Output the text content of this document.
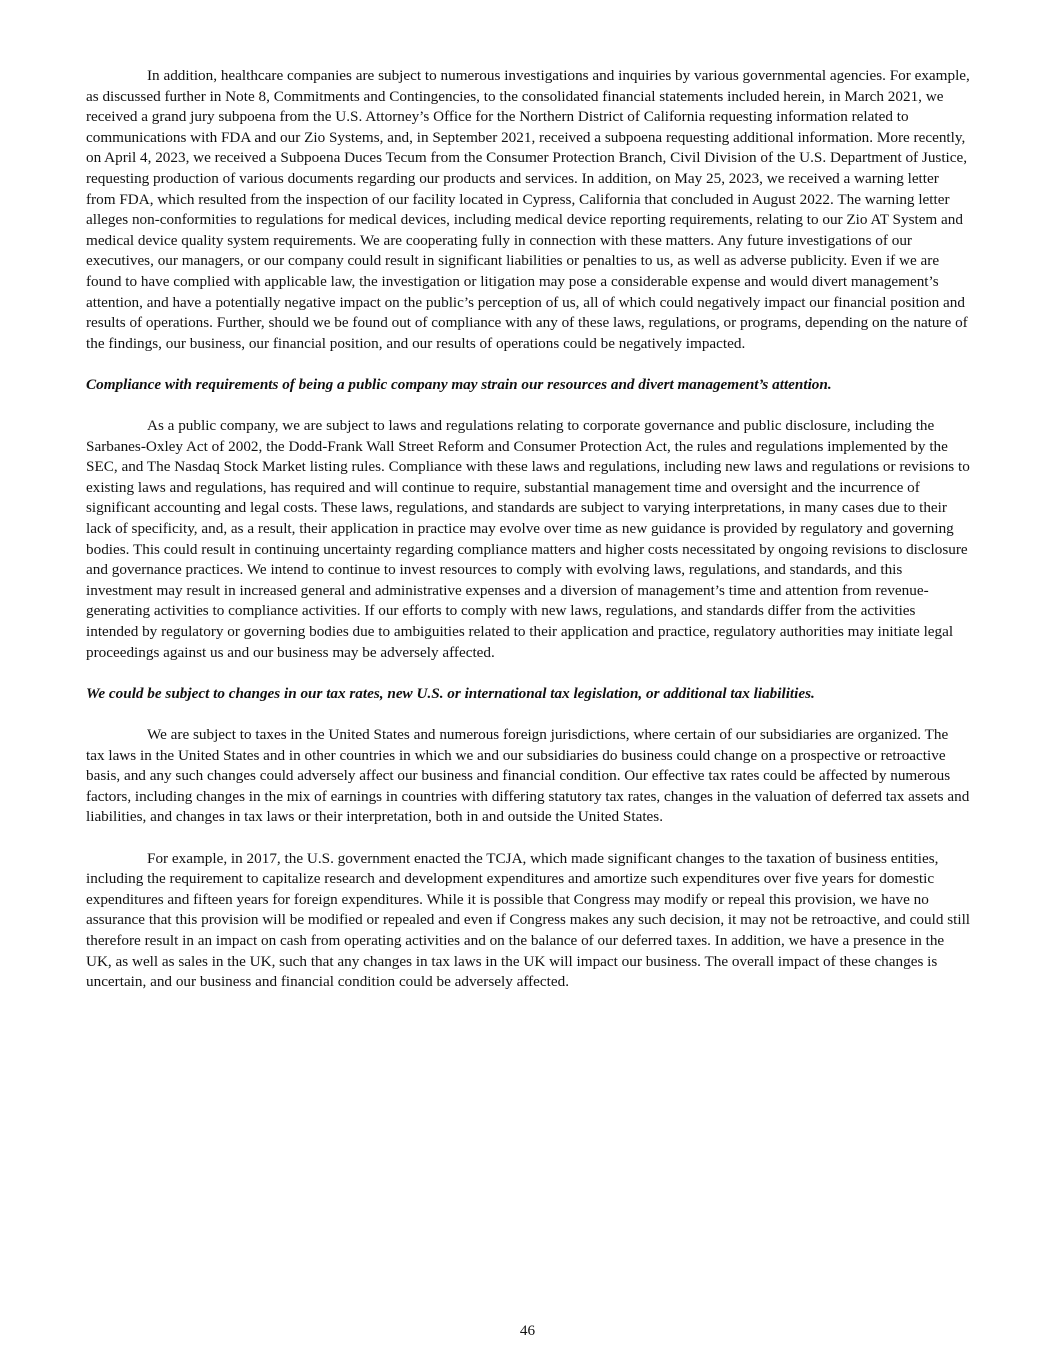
In addition, healthcare companies are subject to numerous investigations and inquiries by various governmental agencies. For example, as discussed further in Note 8, Commitments and Contingencies, to the consolidated financial statements included herein, in March 2021, we received a grand jury subpoena from the U.S. Attorney’s Office for the Northern District of California requesting information related to communications with FDA and our Zio Systems, and, in September 2021, received a subpoena requesting additional information. More recently, on April 4, 2023, we received a Subpoena Duces Tecum from the Consumer Protection Branch, Civil Division of the U.S. Department of Justice, requesting production of various documents regarding our products and services. In addition, on May 25, 2023, we received a warning letter from FDA, which resulted from the inspection of our facility located in Cypress, California that concluded in August 2022. The warning letter alleges non-conformities to regulations for medical devices, including medical device reporting requirements, relating to our Zio AT System and medical device quality system requirements. We are cooperating fully in connection with these matters. Any future investigations of our executives, our managers, or our company could result in significant liabilities or penalties to us, as well as adverse publicity. Even if we are found to have complied with applicable law, the investigation or litigation may pose a considerable expense and would divert management’s attention, and have a potentially negative impact on the public’s perception of us, all of which could negatively impact our financial position and results of operations. Further, should we be found out of compliance with any of these laws, regulations, or programs, depending on the nature of the findings, our business, our financial position, and our results of operations could be negatively impacted.

Compliance with requirements of being a public company may strain our resources and divert management’s attention.

As a public company, we are subject to laws and regulations relating to corporate governance and public disclosure, including the Sarbanes-Oxley Act of 2002, the Dodd-Frank Wall Street Reform and Consumer Protection Act, the rules and regulations implemented by the SEC, and The Nasdaq Stock Market listing rules. Compliance with these laws and regulations, including new laws and regulations or revisions to existing laws and regulations, has required and will continue to require, substantial management time and oversight and the incurrence of significant accounting and legal costs. These laws, regulations, and standards are subject to varying interpretations, in many cases due to their lack of specificity, and, as a result, their application in practice may evolve over time as new guidance is provided by regulatory and governing bodies. This could result in continuing uncertainty regarding compliance matters and higher costs necessitated by ongoing revisions to disclosure and governance practices. We intend to continue to invest resources to comply with evolving laws, regulations, and standards, and this investment may result in increased general and administrative expenses and a diversion of management’s time and attention from revenue-generating activities to compliance activities. If our efforts to comply with new laws, regulations, and standards differ from the activities intended by regulatory or governing bodies due to ambiguities related to their application and practice, regulatory authorities may initiate legal proceedings against us and our business may be adversely affected.

We could be subject to changes in our tax rates, new U.S. or international tax legislation, or additional tax liabilities.

We are subject to taxes in the United States and numerous foreign jurisdictions, where certain of our subsidiaries are organized. The tax laws in the United States and in other countries in which we and our subsidiaries do business could change on a prospective or retroactive basis, and any such changes could adversely affect our business and financial condition. Our effective tax rates could be affected by numerous factors, including changes in the mix of earnings in countries with differing statutory tax rates, changes in the valuation of deferred tax assets and liabilities, and changes in tax laws or their interpretation, both in and outside the United States.

For example, in 2017, the U.S. government enacted the TCJA, which made significant changes to the taxation of business entities, including the requirement to capitalize research and development expenditures and amortize such expenditures over five years for domestic expenditures and fifteen years for foreign expenditures. While it is possible that Congress may modify or repeal this provision, we have no assurance that this provision will be modified or repealed and even if Congress makes any such decision, it may not be retroactive, and could still therefore result in an impact on cash from operating activities and on the balance of our deferred taxes. In addition, we have a presence in the UK, as well as sales in the UK, such that any changes in tax laws in the UK will impact our business. The overall impact of these changes is uncertain, and our business and financial condition could be adversely affected.

46
